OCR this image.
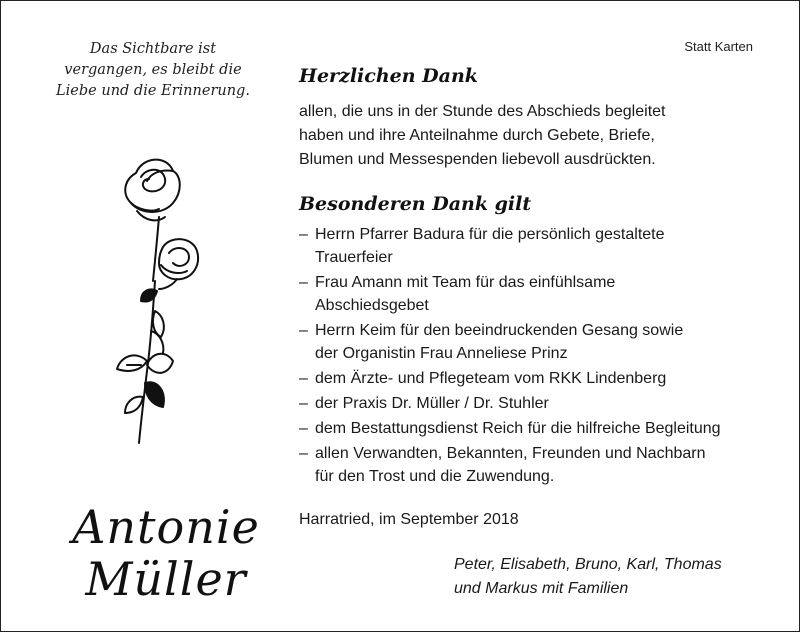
Das Sichtbare ist
vergangen, es bleibt die
Liebe und die Erinnerung.
Antonie
Müller
Statt Karten
Herzlichen Dank
allen, die uns in der Stunde des Abschieds begleitet
haben und ihre Anteilnahme durch Gebete, Briefe,
Blumen und Messespenden liebevoll ausdrückten.
Besonderen Dank gilt
– Herrn Pfarrer Badura für die persönlich gestaltete
Trauerfeier
– Frau Amann mit Team für das einfühlsame
Abschiedsgebet
– Herrn Keim für den beeindruckenden Gesang sowie
der Organistin Frau Anneliese Prinz
– dem Ärzte- und Pflegeteam vom RKK Lindenberg
– der Praxis Dr. Müller / Dr. Stuhler
– dem Bestattungsdienst Reich für die hilfreiche Begleitung
– allen Verwandten, Bekannten, Freunden und Nachbarn
für den Trost und die Zuwendung.
Harratried, im September 2018
Peter, Elisabeth, Bruno, Karl, Thomas
und Markus mit Familien
